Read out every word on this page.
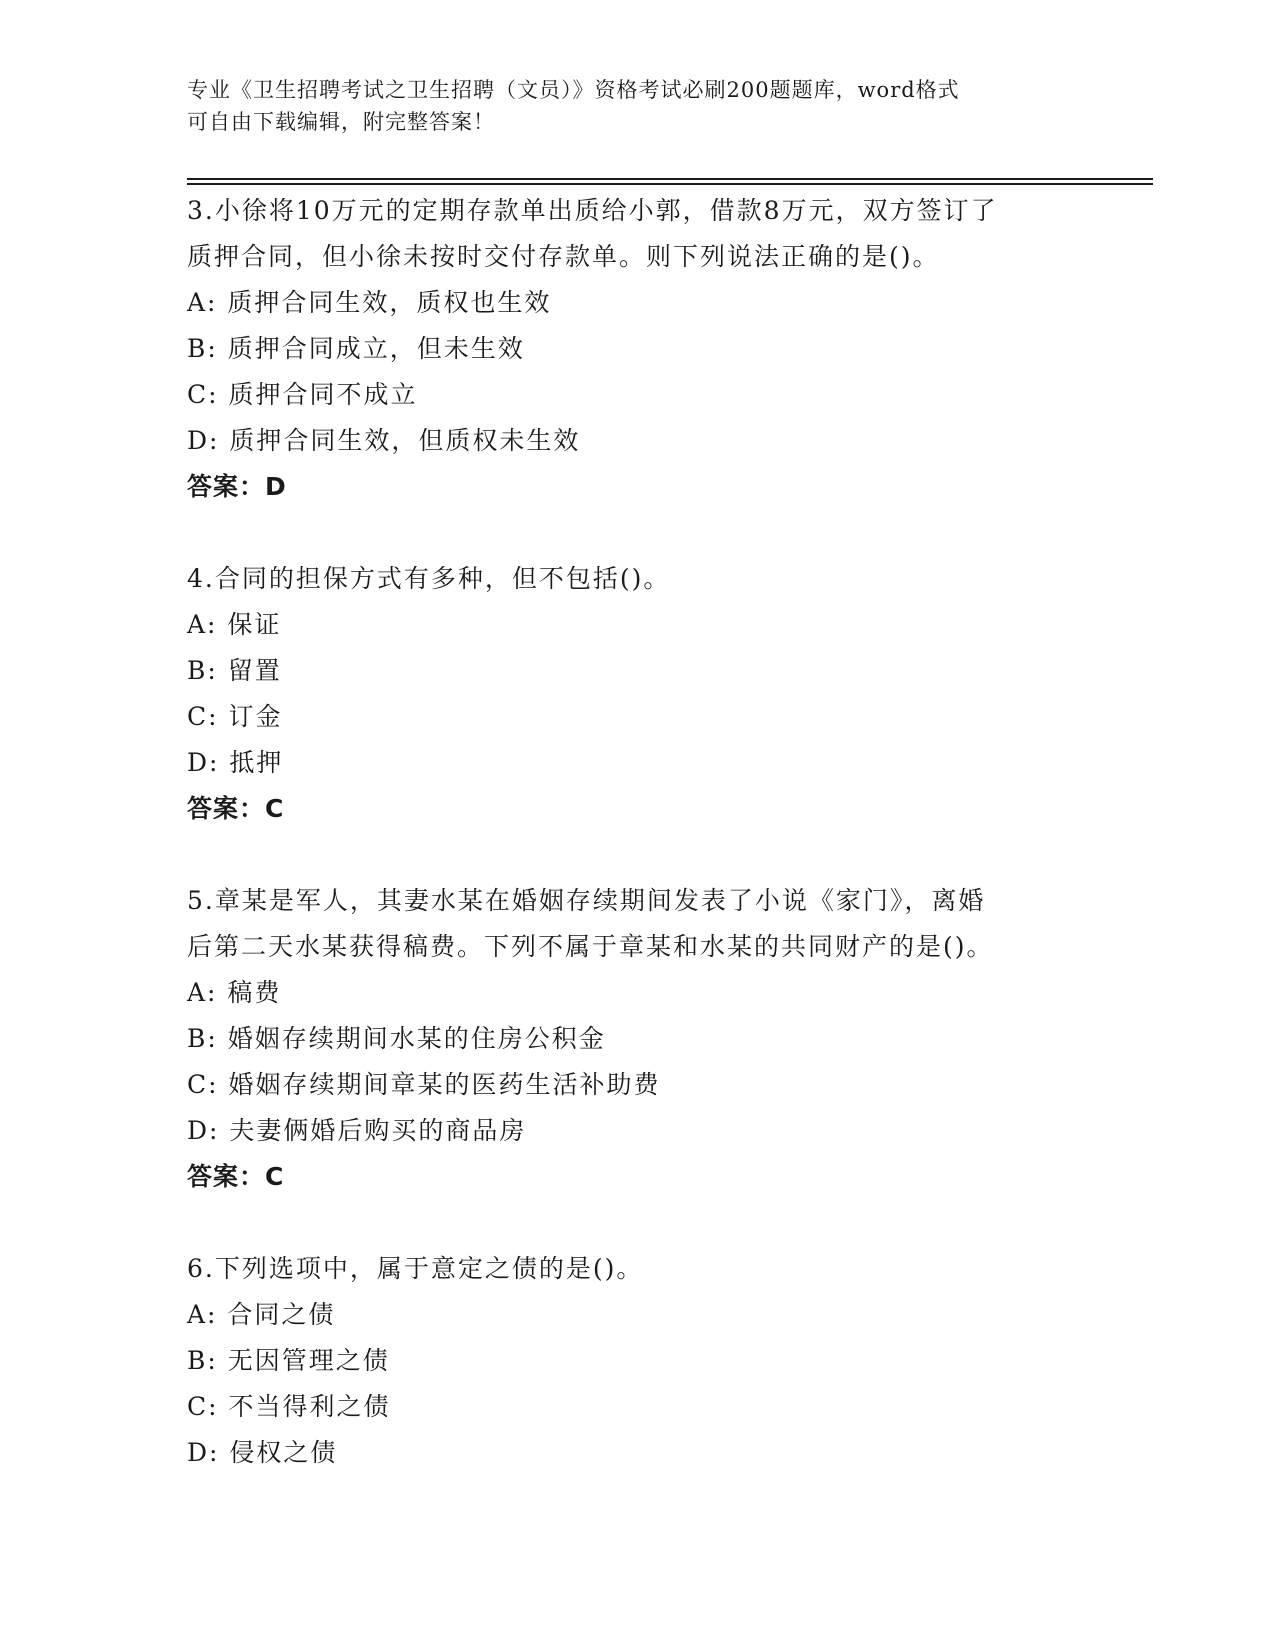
专业《卫生招聘考试之卫生招聘（文员）》资格考试必刷200题题库，word格式
可自由下载编辑，附完整答案！
3.小徐将10万元的定期存款单出质给小郭，借款8万元，双方签订了
质押合同，但小徐未按时交付存款单。则下列说法正确的是()。
A: 质押合同生效，质权也生效
B: 质押合同成立，但未生效
C: 质押合同不成立
D: 质押合同生效，但质权未生效
答案：D
4.合同的担保方式有多种，但不包括()。
A: 保证
B: 留置
C: 订金
D: 抵押
答案：C
5.章某是军人，其妻水某在婚姻存续期间发表了小说《家门》，离婚
后第二天水某获得稿费。下列不属于章某和水某的共同财产的是()。
A: 稿费
B: 婚姻存续期间水某的住房公积金
C: 婚姻存续期间章某的医药生活补助费
D: 夫妻俩婚后购买的商品房
答案：C
6.下列选项中，属于意定之债的是()。
A: 合同之债
B: 无因管理之债
C: 不当得利之债
D: 侵权之债
